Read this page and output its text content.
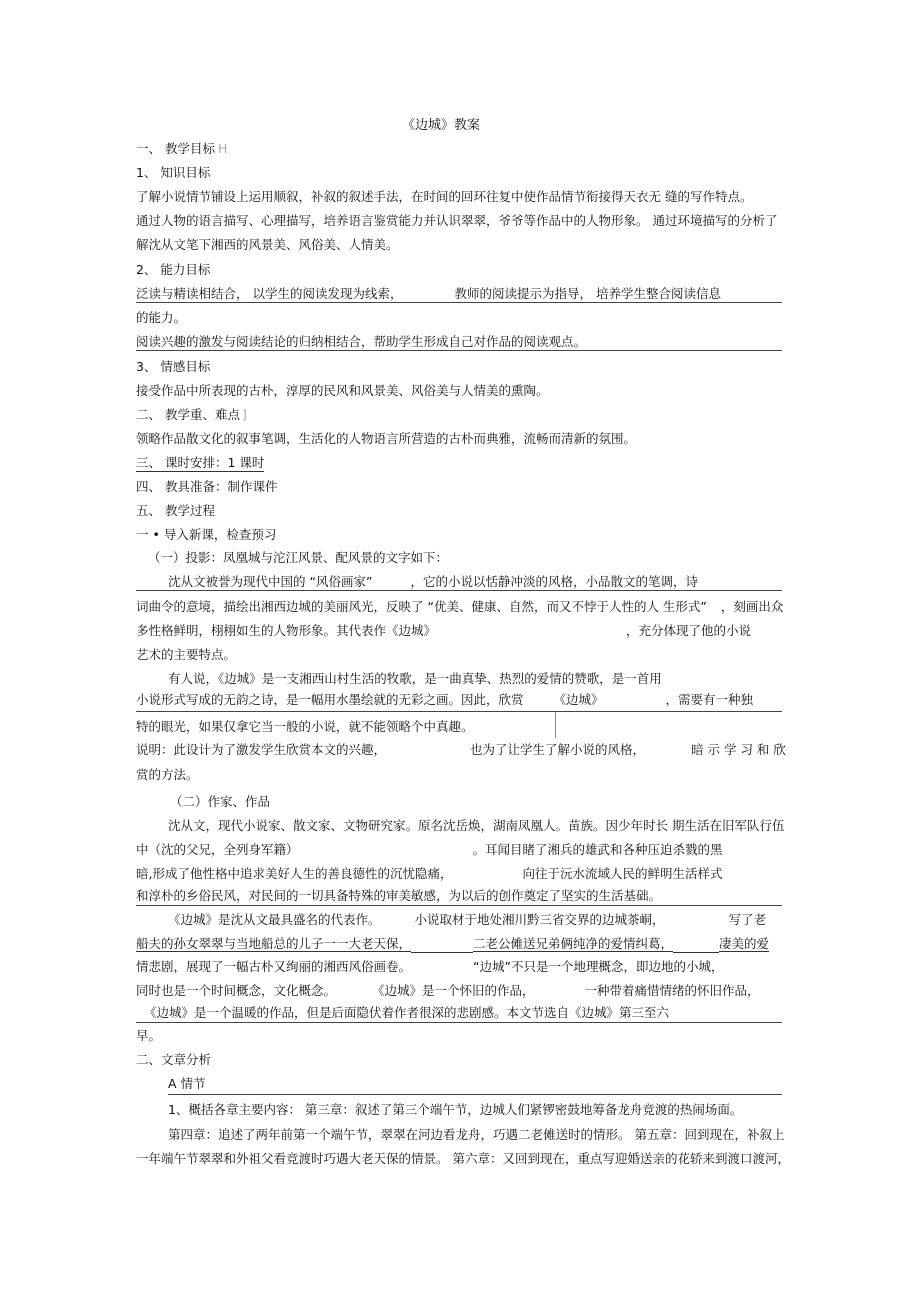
《边城》教案
一、 教学目标 H
1、 知识目标
了解小说情节铺设上运用顺叙，补叙的叙述手法，在时间的回环往复中使作品情节衔接得天衣无 缝的写作特点。
通过人物的语言描写、心理描写，培养语言鉴赏能力并认识翠翠，爷爷等作品中的人物形象。 通过环境描写的分析了
解沈从文笔下湘西的风景美、风俗美、人情美。
2、 能力目标
泛读与精读相结合， 以学生的阅读发现为线索，	教师的阅读提示为指导， 培养学生整合阅读信息
的能力。
阅读兴趣的激发与阅读结论的归纳相结合，帮助学生形成自己对作品的阅读观点。
3、 情感目标
接受作品中所表现的古朴，淳厚的民风和风景美、风俗美与人情美的熏陶。
二、 教学重、难点 ]
领略作品散文化的叙事笔调，生活化的人物语言所营造的古朴而典雅，流畅而清新的氛围。
三、 课时安排：1 课时
四、 教具准备：制作课件
五、 教学过程
一 • 导入新课，检查预习
（一）投影：凤凰城与沱江风景、配风景的文字如下：
沈从文被誉为现代中国的 “风俗画家”	，它的小说以恬静冲淡的风格，小品散文的笔调，诗
词曲令的意境，描绘出湘西边城的美丽风光，反映了 “优美、健康、自然，而又不悖于人性的人 生形式” ，刻画出众
多性格鲜明，栩栩如生的人物形象。其代表作《边城》	，充分体现了他的小说
艺术的主要特点。
有人说，《边城》是一支湘西山村生活的牧歌，是一曲真挚、热烈的爱情的赞歌，是一首用
小说形式写成的无韵之诗，是一幅用水墨绘就的无彩之画。因此，欣赏 《边城》	，需要有一种独
特的眼光，如果仅拿它当一般的小说，就不能领略个中真趣。
说明：此设计为了激发学生欣赏本文的兴趣，	也为了让学生了解小说的风格，	暗 示 学 习 和 欣
赏的方法。
（二）作家、作品
沈从文，现代小说家、散文家、文物研究家。原名沈岳焕，湖南凤凰人。苗族。因少年时长 期生活在旧军队行伍
中（沈的父兄，全列身军籍）	。耳闻目睹了湘兵的雄武和各种压迫杀戮的黑
暗,形成了他性格中追求美好人生的善良德性的沉忧隐痛，	向往于沅水流域人民的鲜明生活样式
和淳朴的乡俗民风，对民间的一切具备特殊的审美敏感，为以后的创作奠定了坚实的生活基础。
《边城》是沈从文最具盛名的代表作。	小说取材于地处湘川黔三省交界的边城茶峒，	写了老
船夫的孙女翠翠与当地船总的儿子一一大老天保，	二老公傩送兄弟俩纯净的爱情纠葛，	凄美的爱
情悲剧，展现了一幅古朴又绚丽的湘西风俗画卷。	“边城”不只是一个地理概念，即边地的小城，
同时也是一个时间概念，文化概念。	《边城》是一个怀旧的作品，	一种带着痛惜情绪的怀旧作品，
《边城》是一个温暖的作品，但是后面隐伏着作者很深的悲剧感。本文节选自《边城》第三至六
早。
二、文章分析
A 情节
1、概括各章主要内容： 第三章：叙述了第三个端午节，边城人们紧锣密鼓地筹备龙舟竞渡的热闹场面。
第四章：追述了两年前第一个端午节，翠翠在河边看龙舟，巧遇二老傩送时的情形。 第五章：回到现在，补叙上
一年端午节翠翠和外祖父看竞渡时巧遇大老天保的情景。 第六章：又回到现在，重点写迎婚送亲的花轿来到渡口渡河，
